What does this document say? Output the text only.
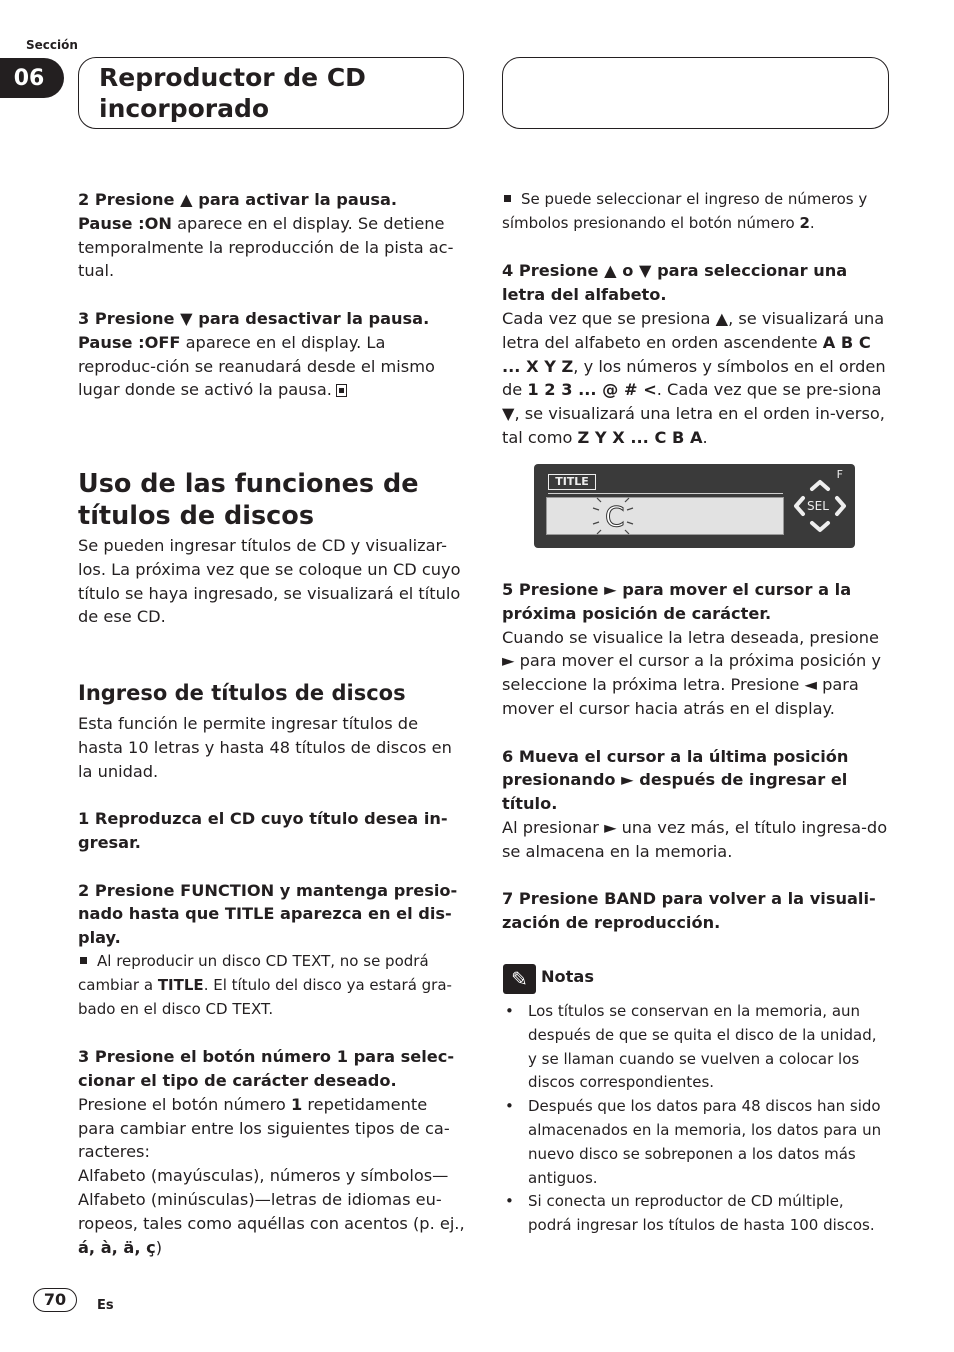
Sección
06	Reproductor de CD
incorporado

2 Presione ▲ para activar la pausa.

Pause :ON aparece en el display. Se detiene temporalmente la reproducción de la pista ac-tual.

3 Presione ▼ para desactivar la pausa.

Pause :OFF aparece en el display. La reproduc-ción se reanudará desde el mismo lugar donde se activó la pausa.

Uso de las funciones de títulos de discos

Se pueden ingresar títulos de CD y visualizar-los. La próxima vez que se coloque un CD cuyo título se haya ingresado, se visualizará el título de ese CD.

Ingreso de títulos de discos

Esta función le permite ingresar títulos de hasta 10 letras y hasta 48 títulos de discos en la unidad.

1 Reproduzca el CD cuyo título desea in-gresar.

2 Presione FUNCTION y mantenga presio-nado hasta que TITLE aparezca en el dis-play.

Al reproducir un disco CD TEXT, no se podrá cambiar a TITLE. El título del disco ya estará gra-bado en el disco CD TEXT.

3 Presione el botón número 1 para selec-cionar el tipo de carácter deseado.

Presione el botón número 1 repetidamente para cambiar entre los siguientes tipos de ca-racteres:

Alfabeto (mayúsculas), números y símbolos—Alfabeto (minúsculas)—letras de idiomas eu-ropeos, tales como aquéllas con acentos (p. ej., á, à, ä, ç)

Se puede seleccionar el ingreso de números y símbolos presionando el botón número 2.

4 Presione ▲ o ▼ para seleccionar una letra del alfabeto.

Cada vez que se presiona ▲, se visualizará una letra del alfabeto en orden ascendente A B C ... X Y Z, y los números y símbolos en el orden de 1 2 3 ... @ # <. Cada vez que se pre-siona ▼, se visualizará una letra en el orden in-verso, tal como Z Y X ... C B A.

TITLE
F
C	SEL

5 Presione ► para mover el cursor a la próxima posición de carácter.

Cuando se visualice la letra deseada, presione ► para mover el cursor a la próxima posición y seleccione la próxima letra. Presione ◄ para mover el cursor hacia atrás en el display.

6 Mueva el cursor a la última posición presionando ► después de ingresar el título.

Al presionar ► una vez más, el título ingresa-do se almacena en la memoria.

7 Presione BAND para volver a la visuali-zación de reproducción.

✎ Notas
• Los títulos se conservan en la memoria, aun después de que se quita el disco de la unidad, y se llaman cuando se vuelven a colocar los discos correspondientes.
• Después que los datos para 48 discos han sido almacenados en la memoria, los datos para un nuevo disco se sobreponen a los datos más antiguos.
• Si conecta un reproductor de CD múltiple, podrá ingresar los títulos de hasta 100 discos.
70	Es
